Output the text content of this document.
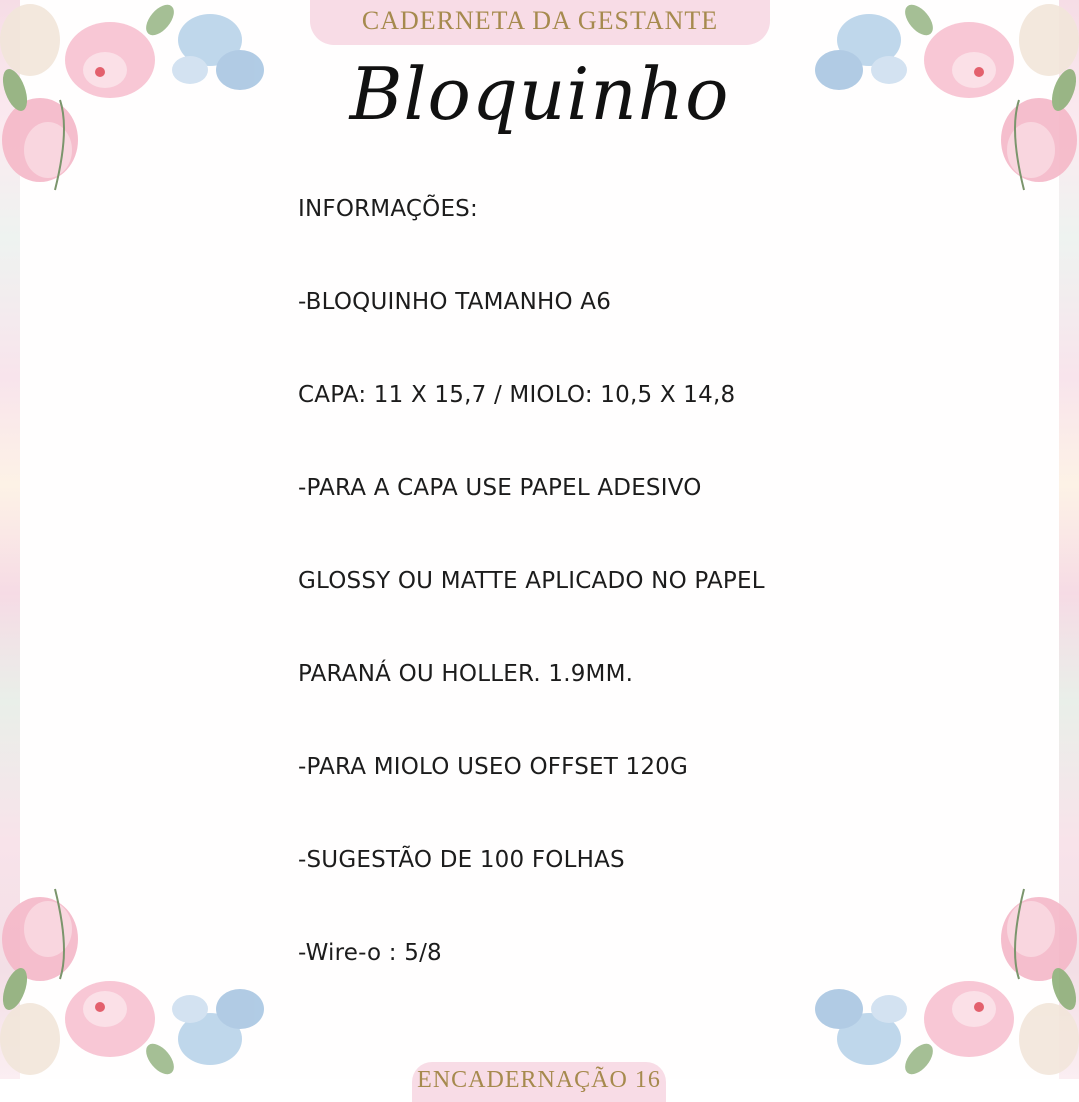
CADERNETA DA GESTANTE
Bloquinho
INFORMAÇÕES:
-BLOQUINHO TAMANHO A6
CAPA: 11 X 15,7 / MIOLO: 10,5 X 14,8
-PARA A CAPA USE PAPEL ADESIVO
GLOSSY OU MATTE APLICADO NO PAPEL
PARANÁ OU HOLLER. 1.9MM.
-PARA MIOLO USEO OFFSET 120G
-SUGESTÃO DE 100 FOLHAS
-Wire-o : 5/8
ENCADERNAÇÃO 16
